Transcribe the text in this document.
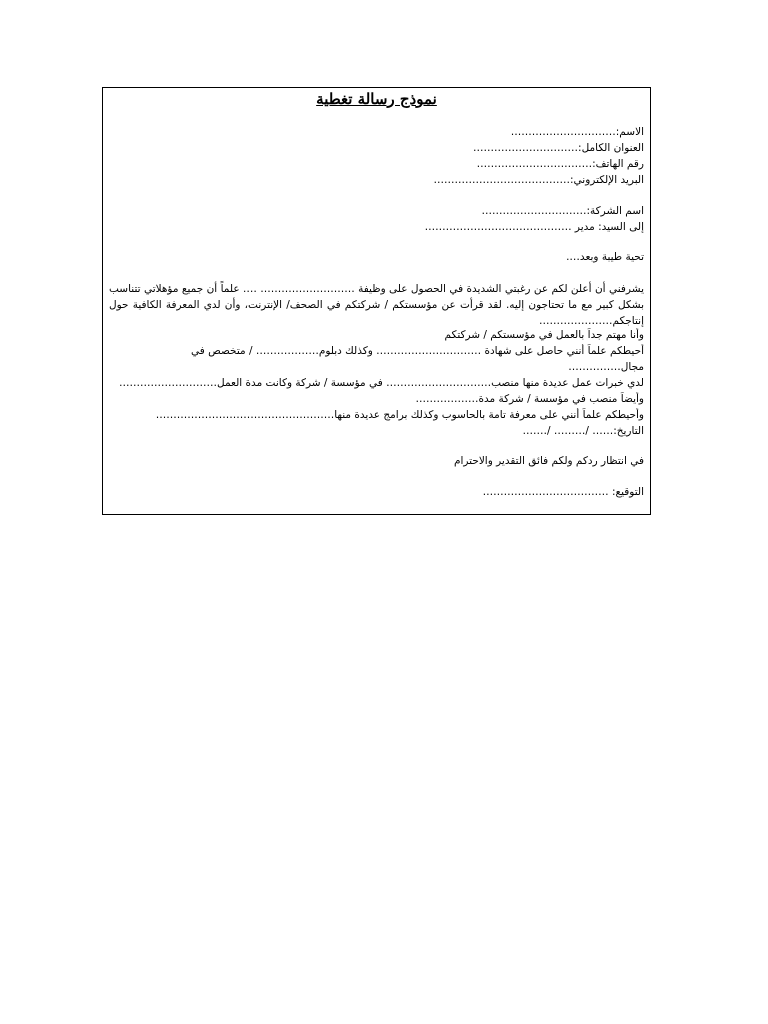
نموذج رسالة تغطية
الاسم:…………………………
العنوان الكامل:…………………………
رقم الهاتف:……………………………
البريد الإلكتروني:…………………………………
اسم الشركة:…………………………
إلى السيد: مدير ……………………………………
تحية طيبة وبعد….
يشرفني أن أعلن لكم عن رغبتي الشديدة في الحصول على وظيفة ……………………… …. علماً أن جميع مؤهلاتي تتناسب بشكل كبير مع ما تحتاجون إليه. لقد قرأت عن مؤسستكم / شركتكم في الصحف/ الإنترنت، وأن لدي المعرفة الكافية حول إنتاجكم…………………
وأنا مهتم جداً بالعمل في مؤسستكم / شركتكم
أحيطكم علماً أنني حاصل على شهادة ………………………… وكذلك دبلوم……………… / متخصص في
مجال……………
لدي خبرات عمل عديدة منها منصب………………………… في مؤسسة / شركة وكانت مدة العمل……………………….
وأيضاً منصب في مؤسسة / شركة مدة………………
وأحيطكم علماً أنني على معرفة تامة بالحاسوب وكذلك برامج عديدة منها……………………………………………
التاريخ:…… /……… /…….
في انتظار ردكم ولكم فائق التقدير والاحترام
التوقيع: ………………………………
